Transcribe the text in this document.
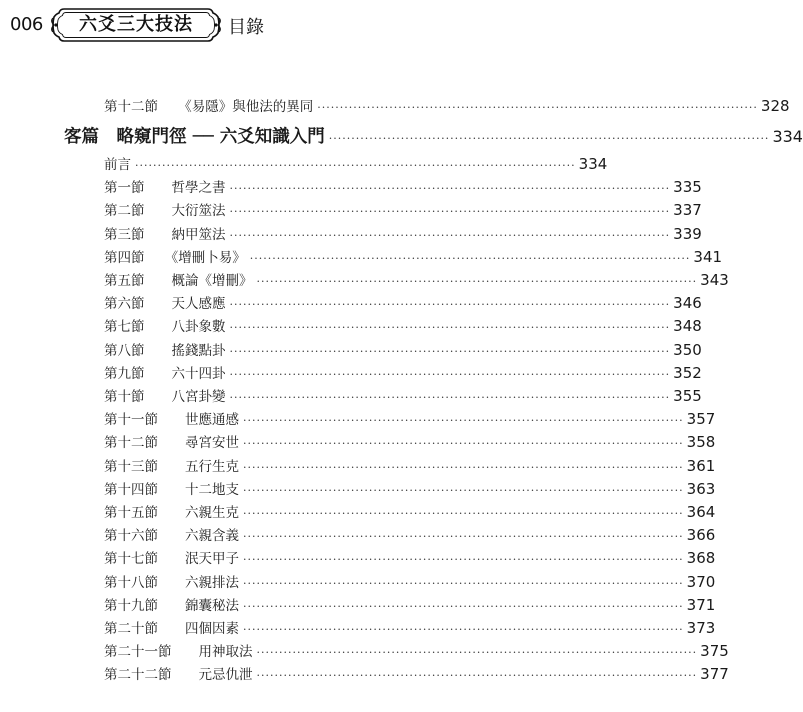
006	六爻三大技法	目錄
第十二節　　 《易隱》與他法的異同 ·································································································· 328
客篇　略窺門徑 ── 六爻知識入門 ·································································································· 334
前言 ·································································································· 334
第一節　　 哲學之書 ·································································································· 335
第二節　　 大衍筮法 ·································································································· 337
第三節　　 納甲筮法 ·································································································· 339
第四節　　 《增刪卜易》 ·································································································· 341
第五節　　 概論《增刪》 ·································································································· 343
第六節　　 天人感應 ·································································································· 346
第七節　　 八卦象數 ·································································································· 348
第八節　　 搖錢點卦 ·································································································· 350
第九節　　 六十四卦 ·································································································· 352
第十節　　 八宮卦變 ·································································································· 355
第十一節　　 世應通感 ·································································································· 357
第十二節　　 尋宮安世 ·································································································· 358
第十三節　　 五行生克 ·································································································· 361
第十四節　　 十二地支 ·································································································· 363
第十五節　　 六親生克 ·································································································· 364
第十六節　　 六親含義 ·································································································· 366
第十七節　　 泯天甲子 ·································································································· 368
第十八節　　 六親排法 ·································································································· 370
第十九節　　 錦囊秘法 ·································································································· 371
第二十節　　 四個因素 ·································································································· 373
第二十一節　　 用神取法 ·································································································· 375
第二十二節　　 元忌仇泄 ·································································································· 377
